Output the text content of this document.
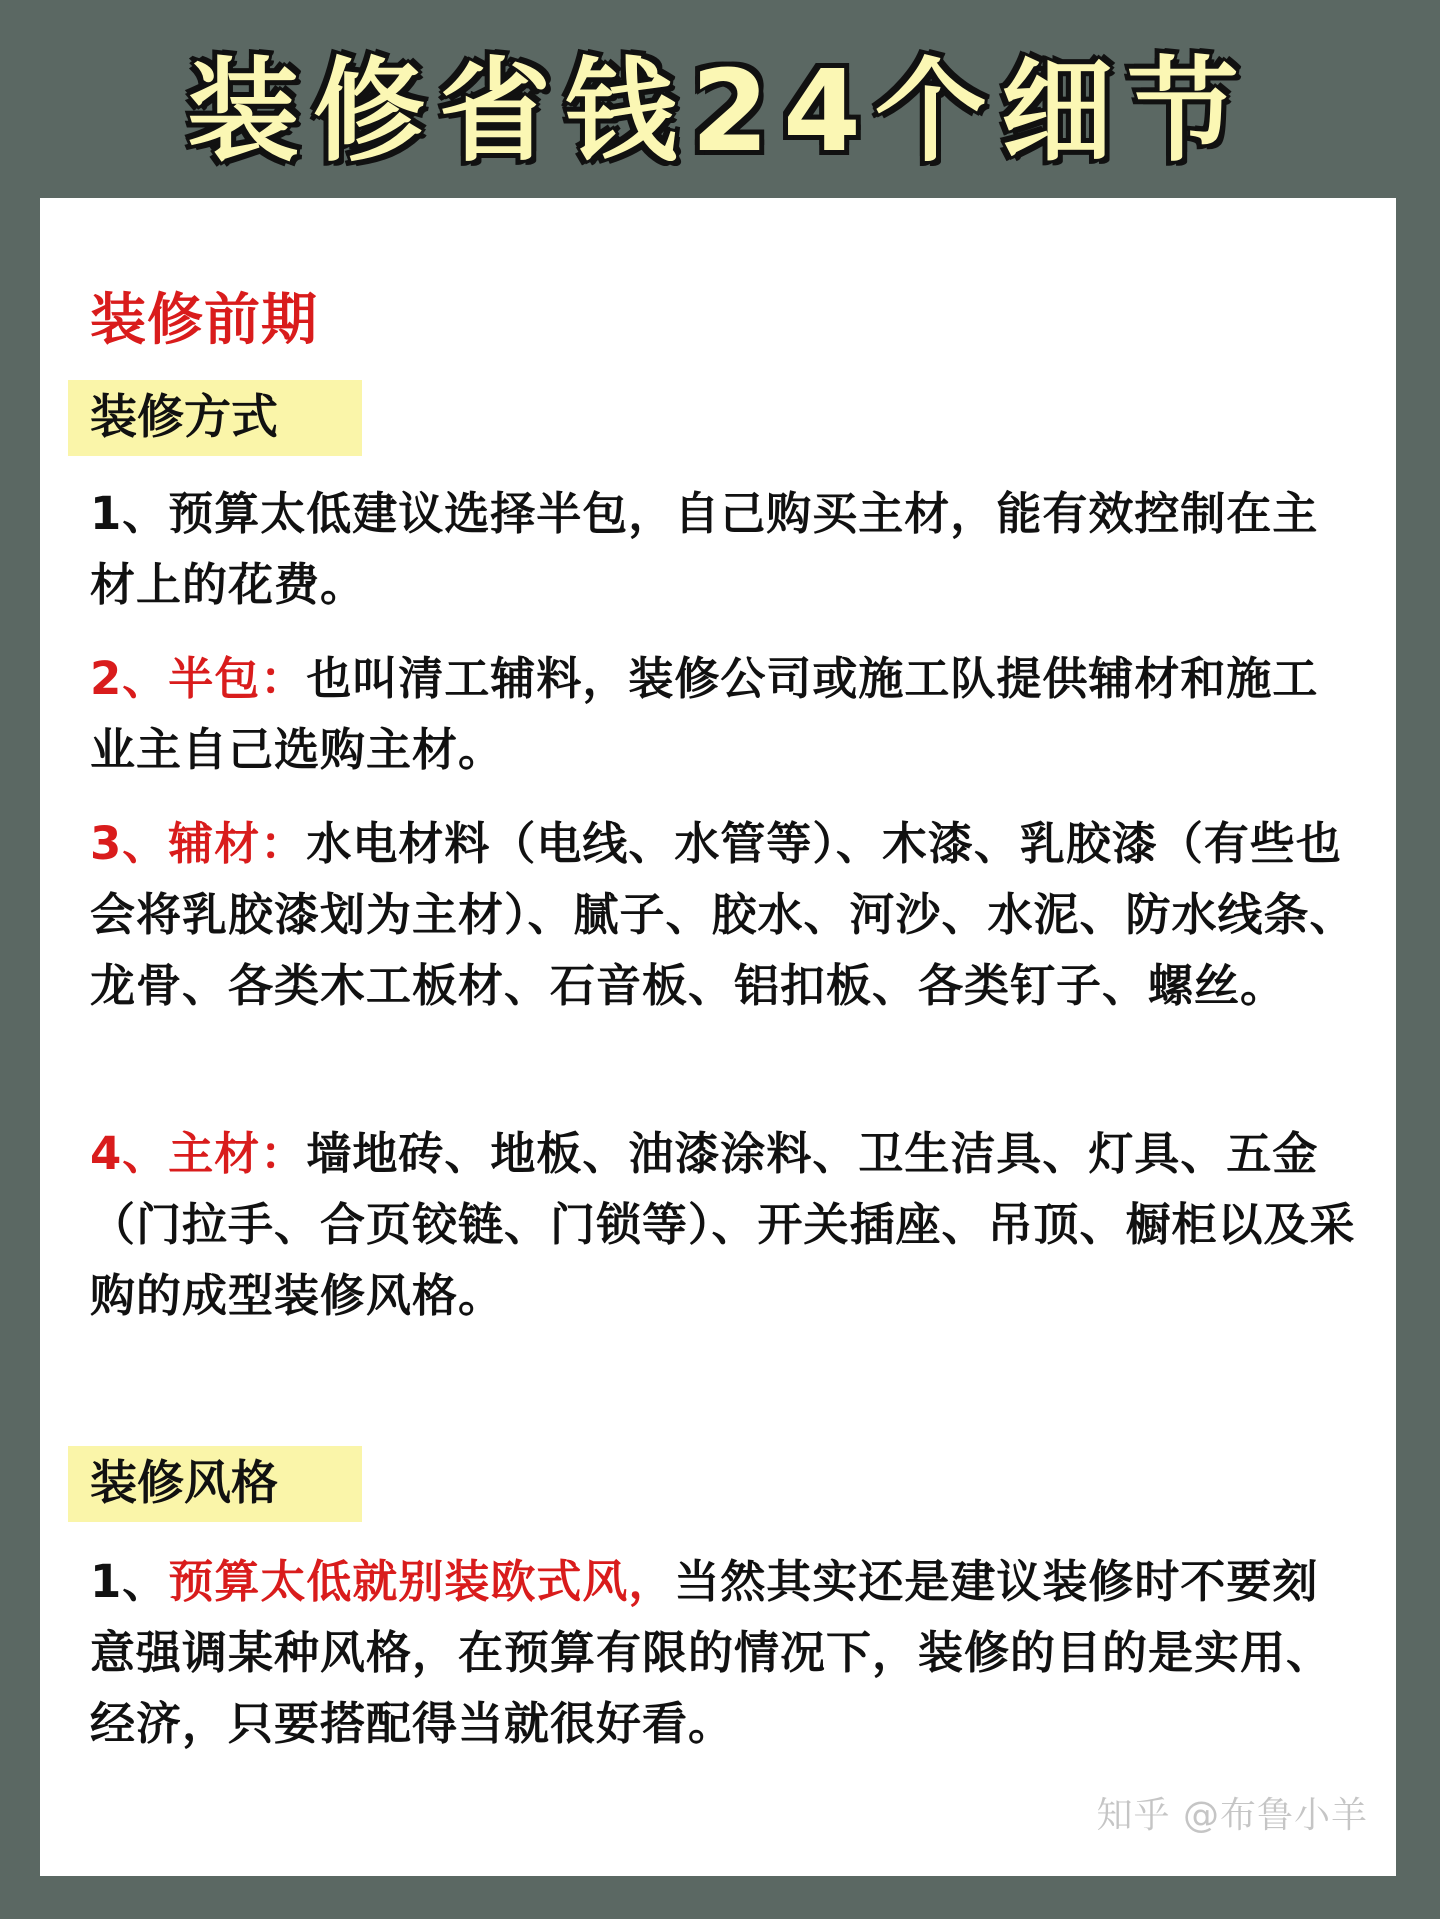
装修省钱24个细节
装修前期
装修方式
1、预算太低建议选择半包，自己购买主材，能有效控制在主材上的花费。
2、半包：也叫清工辅料，装修公司或施工队提供辅材和施工业主自己选购主材。
3、辅材：水电材料（电线、水管等）、木漆、乳胶漆（有些也会将乳胶漆划为主材）、腻子、胶水、河沙、水泥、防水线条、龙骨、各类木工板材、石音板、铝扣板、各类钉子、螺丝。
4、主材：墙地砖、地板、油漆涂料、卫生洁具、灯具、五金（门拉手、合页铰链、门锁等）、开关插座、吊顶、橱柜以及采购的成型装修风格。
装修风格
1、预算太低就别装欧式风，当然其实还是建议装修时不要刻意强调某种风格，在预算有限的情况下，装修的目的是实用、经济，只要搭配得当就很好看。
知乎 @布鲁小羊
